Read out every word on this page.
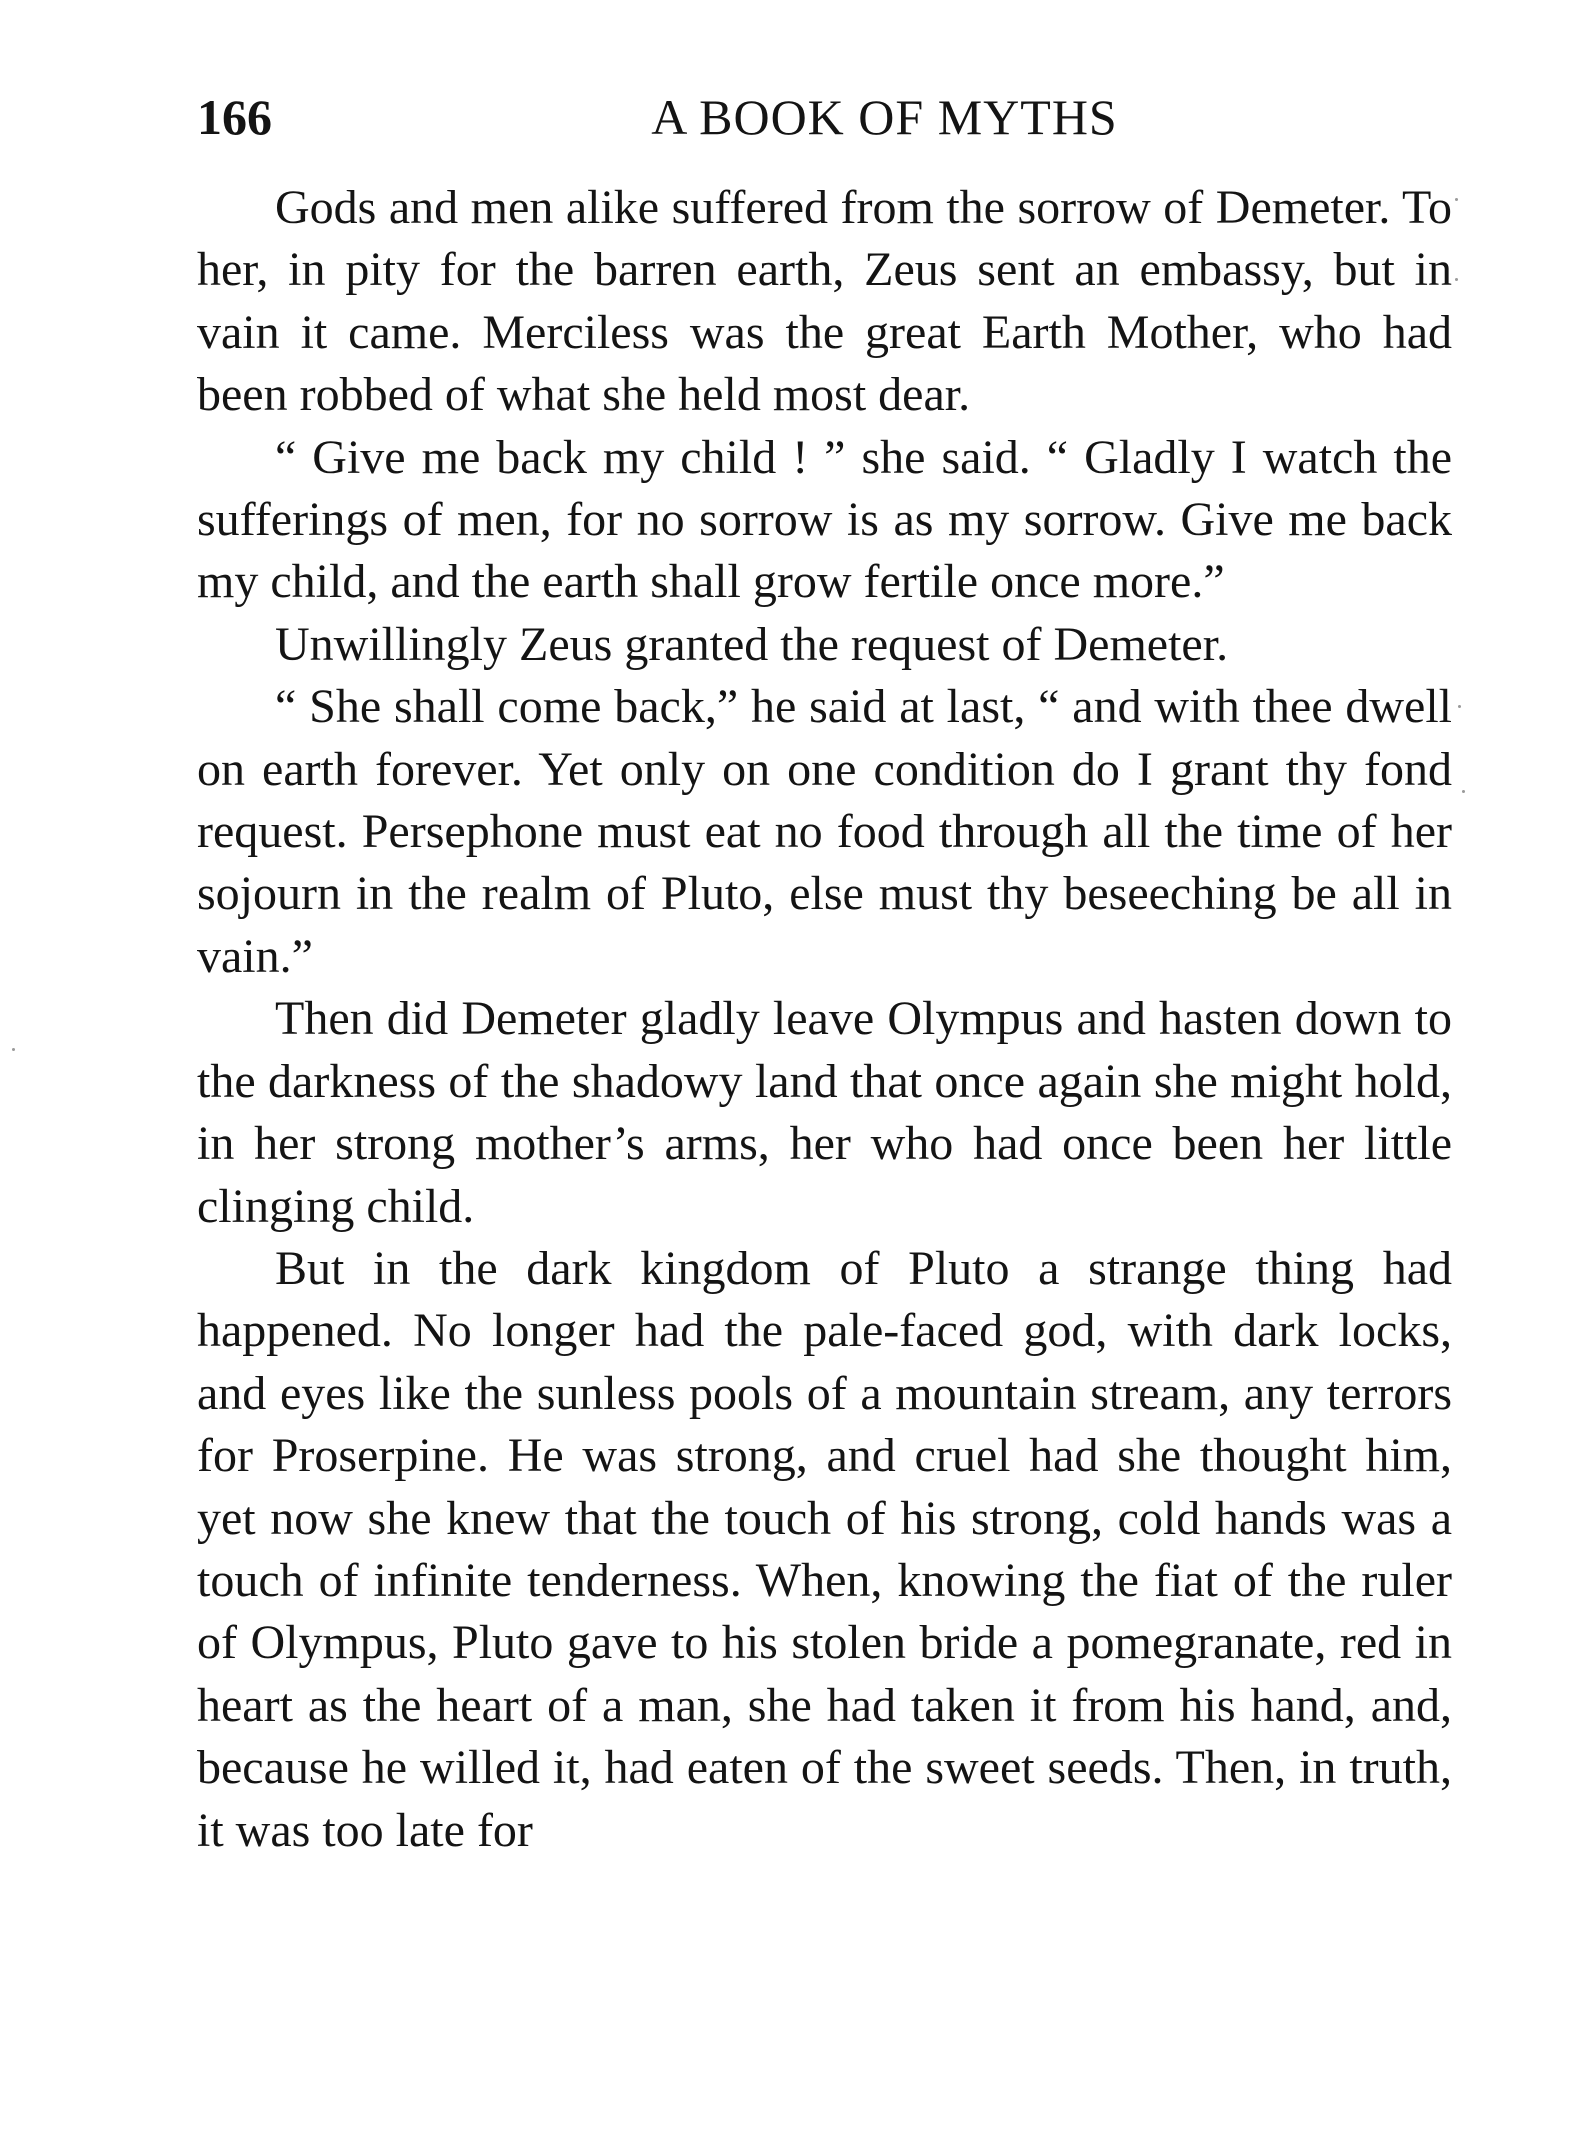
166	A BOOK OF MYTHS

Gods and men alike suffered from the sorrow of Demeter. To her, in pity for the barren earth, Zeus sent an embassy, but in vain it came. Merciless was the great Earth Mother, who had been robbed of what she held most dear.

“ Give me back my child ! ” she said. “ Gladly I watch the sufferings of men, for no sorrow is as my sorrow. Give me back my child, and the earth shall grow fertile once more.”

Unwillingly Zeus granted the request of Demeter.

“ She shall come back,” he said at last, “ and with thee dwell on earth forever. Yet only on one condition do I grant thy fond request. Persephone must eat no food through all the time of her sojourn in the realm of Pluto, else must thy beseeching be all in vain.”

Then did Demeter gladly leave Olympus and hasten down to the darkness of the shadowy land that once again she might hold, in her strong mother’s arms, her who had once been her little clinging child.

But in the dark kingdom of Pluto a strange thing had happened. No longer had the pale-faced god, with dark locks, and eyes like the sunless pools of a mountain stream, any terrors for Proserpine. He was strong, and cruel had she thought him, yet now she knew that the touch of his strong, cold hands was a touch of infinite tenderness. When, knowing the fiat of the ruler of Olympus, Pluto gave to his stolen bride a pomegranate, red in heart as the heart of a man, she had taken it from his hand, and, because he willed it, had eaten of the sweet seeds. Then, in truth, it was too late for
